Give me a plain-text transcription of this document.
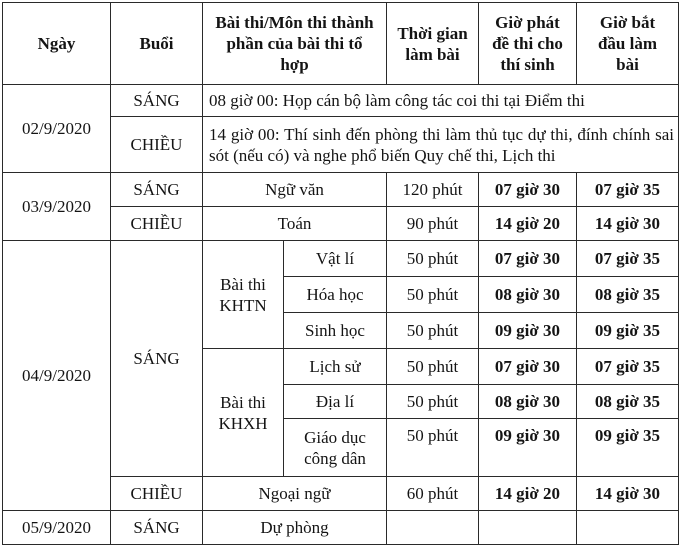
Ngày	Buổi	Bài thi/Môn thi thành phần của bài thi tổ hợp		Thời gian làm bài	Giờ phát đề thi cho thí sinh	Giờ bắt đầu làm bài
02/9/2020	SÁNG	08 giờ 00: Họp cán bộ làm công tác coi thi tại Điểm thi				
	CHIỀU	14 giờ 00: Thí sinh đến phòng thi làm thủ tục dự thi, đính chính sai sót (nếu có) và nghe phổ biến Quy chế thi, Lịch thi				
03/9/2020	SÁNG	Ngữ văn		120 phút	07 giờ 30	07 giờ 35
	CHIỀU	Toán		90 phút	14 giờ 20	14 giờ 30
04/9/2020	SÁNG	Bài thi KHTN	Vật lí	50 phút	07 giờ 30	07 giờ 35
			Hóa học	50 phút	08 giờ 30	08 giờ 35
			Sinh học	50 phút	09 giờ 30	09 giờ 35
		Bài thi KHXH	Lịch sử	50 phút	07 giờ 30	07 giờ 35
			Địa lí	50 phút	08 giờ 30	08 giờ 35
			Giáo dục công dân	50 phút	09 giờ 30	09 giờ 35
	CHIỀU	Ngoại ngữ		60 phút	14 giờ 20	14 giờ 30
05/9/2020	SÁNG	Dự phòng				
